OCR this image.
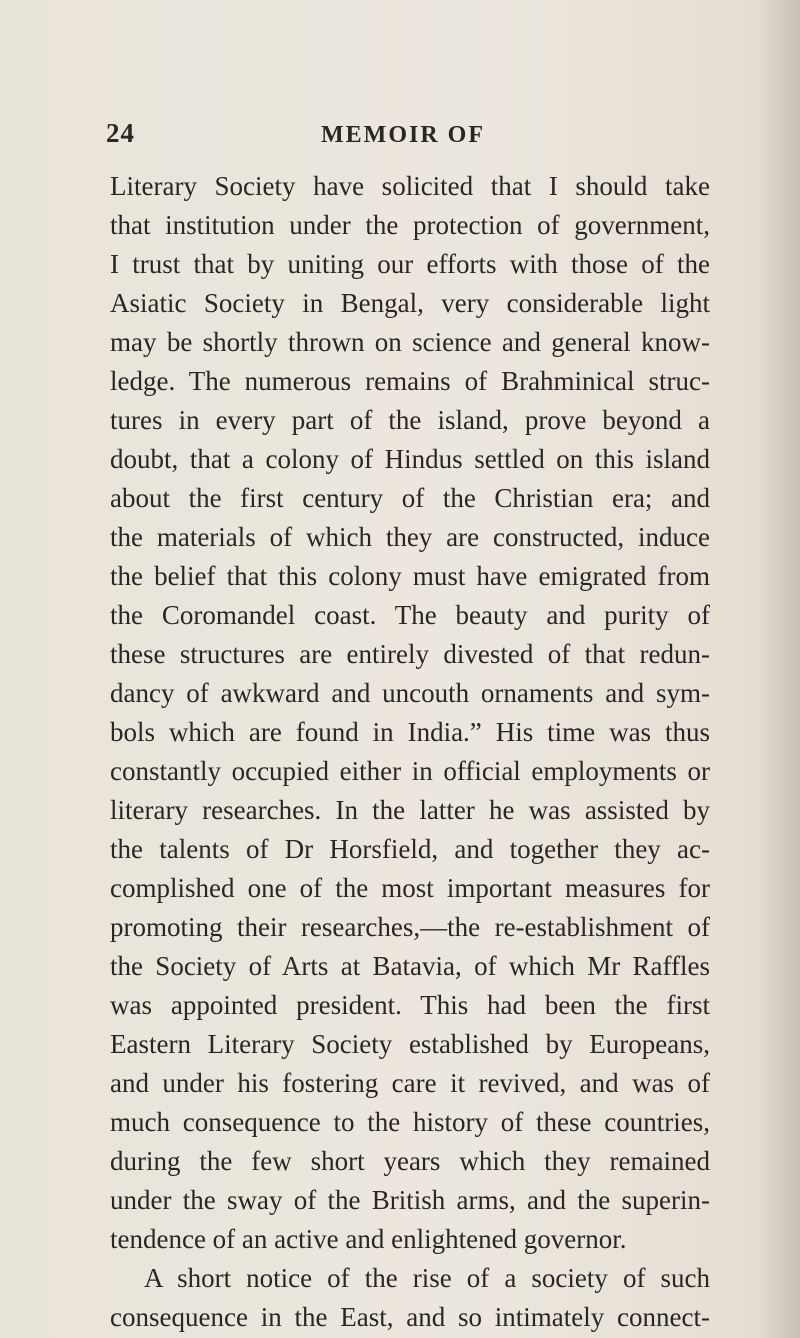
24	MEMOIR OF
Literary Society have solicited that I should take
that institution under the protection of government,
I trust that by uniting our efforts with those of the
Asiatic Society in Bengal, very considerable light
may be shortly thrown on science and general know-
ledge. The numerous remains of Brahminical struc-
tures in every part of the island, prove beyond a
doubt, that a colony of Hindus settled on this island
about the first century of the Christian era; and
the materials of which they are constructed, induce
the belief that this colony must have emigrated from
the Coromandel coast. The beauty and purity of
these structures are entirely divested of that redun-
dancy of awkward and uncouth ornaments and sym-
bols which are found in India.” His time was thus
constantly occupied either in official employments or
literary researches. In the latter he was assisted by
the talents of Dr Horsfield, and together they ac-
complished one of the most important measures for
promoting their researches,—the re-establishment of
the Society of Arts at Batavia, of which Mr Raffles
was appointed president. This had been the first
Eastern Literary Society established by Europeans,
and under his fostering care it revived, and was of
much consequence to the history of these countries,
during the few short years which they remained
under the sway of the British arms, and the superin-
tendence of an active and enlightened governor.
A short notice of the rise of a society of such
consequence in the East, and so intimately connect-
